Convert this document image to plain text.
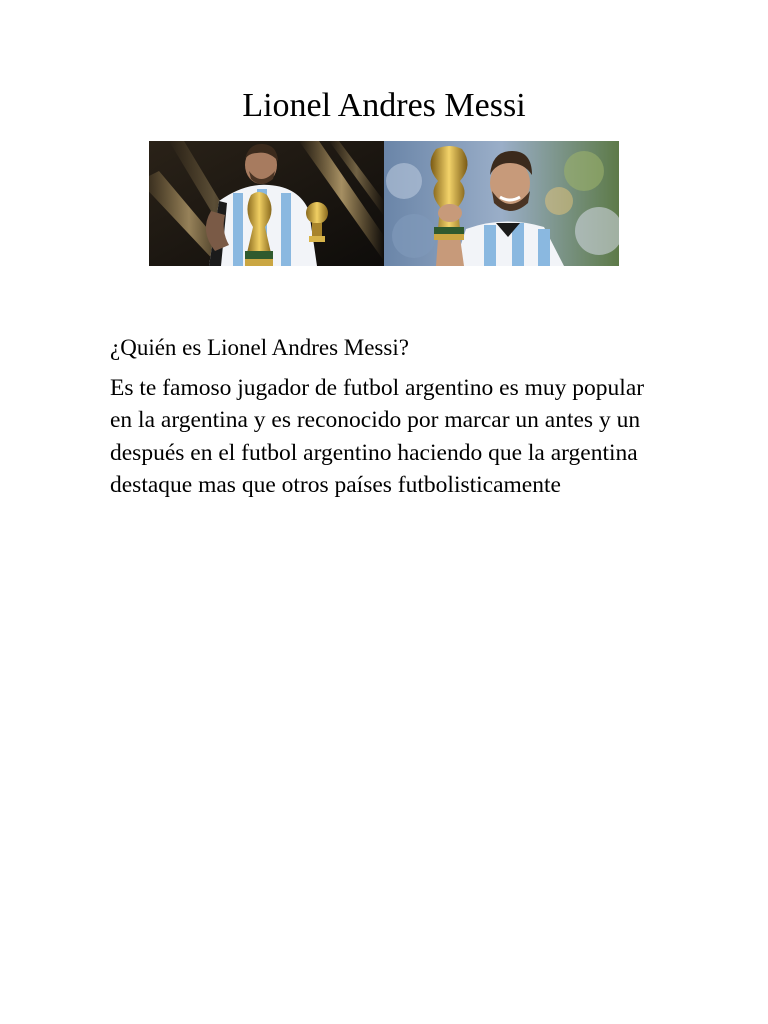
Lionel Andres Messi

¿Quién es Lionel Andres Messi?

Es te famoso jugador de futbol argentino es muy popular en la argentina y es reconocido por marcar un antes y un después en el futbol argentino haciendo que la argentina destaque mas que otros países futbolisticamente
